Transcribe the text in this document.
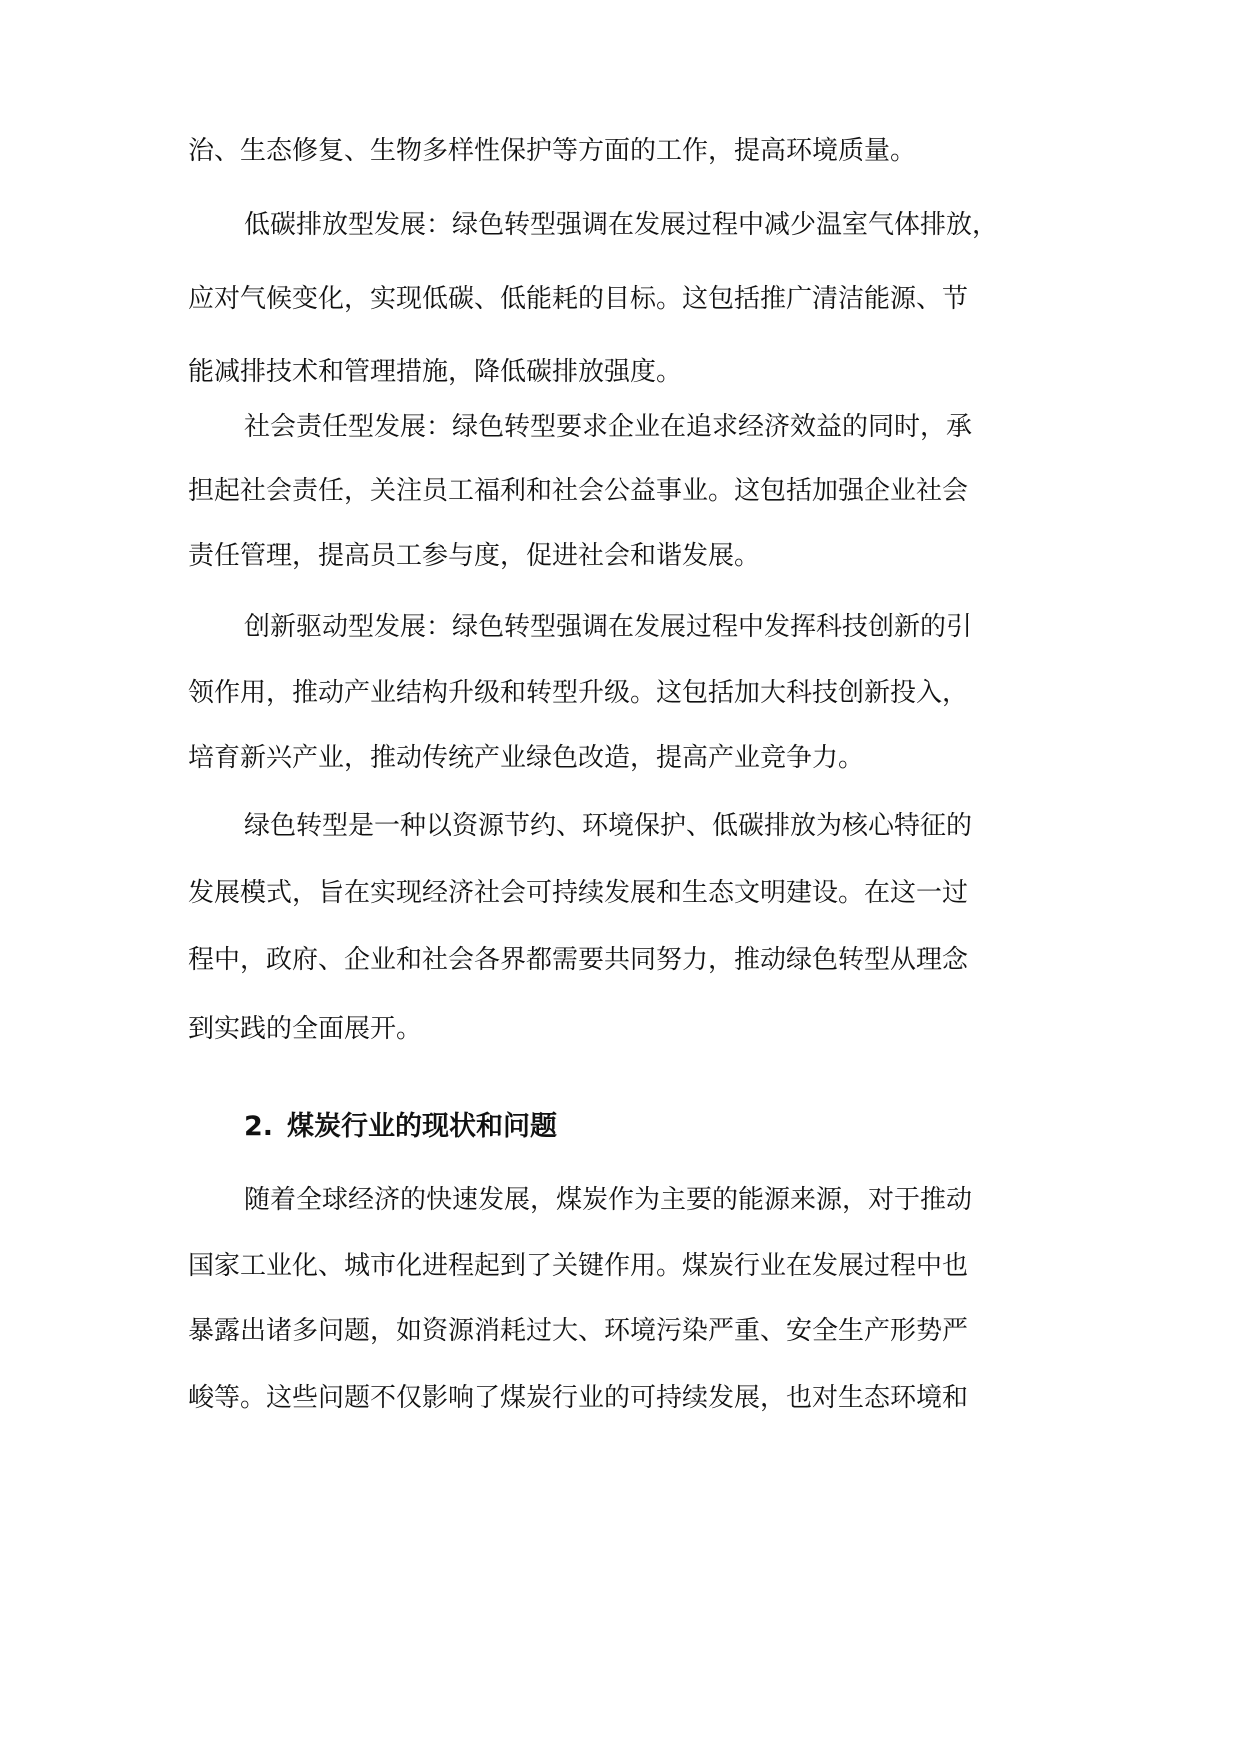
治、生态修复、生物多样性保护等方面的工作，提高环境质量。
低碳排放型发展：绿色转型强调在发展过程中减少温室气体排放，
应对气候变化，实现低碳、低能耗的目标。这包括推广清洁能源、节
能减排技术和管理措施，降低碳排放强度。
社会责任型发展：绿色转型要求企业在追求经济效益的同时，承
担起社会责任，关注员工福利和社会公益事业。这包括加强企业社会
责任管理，提高员工参与度，促进社会和谐发展。
创新驱动型发展：绿色转型强调在发展过程中发挥科技创新的引
领作用，推动产业结构升级和转型升级。这包括加大科技创新投入，
培育新兴产业，推动传统产业绿色改造，提高产业竞争力。
绿色转型是一种以资源节约、环境保护、低碳排放为核心特征的
发展模式，旨在实现经济社会可持续发展和生态文明建设。在这一过
程中，政府、企业和社会各界都需要共同努力，推动绿色转型从理念
到实践的全面展开。
2. 煤炭行业的现状和问题
随着全球经济的快速发展，煤炭作为主要的能源来源，对于推动
国家工业化、城市化进程起到了关键作用。煤炭行业在发展过程中也
暴露出诸多问题，如资源消耗过大、环境污染严重、安全生产形势严
峻等。这些问题不仅影响了煤炭行业的可持续发展，也对生态环境和
